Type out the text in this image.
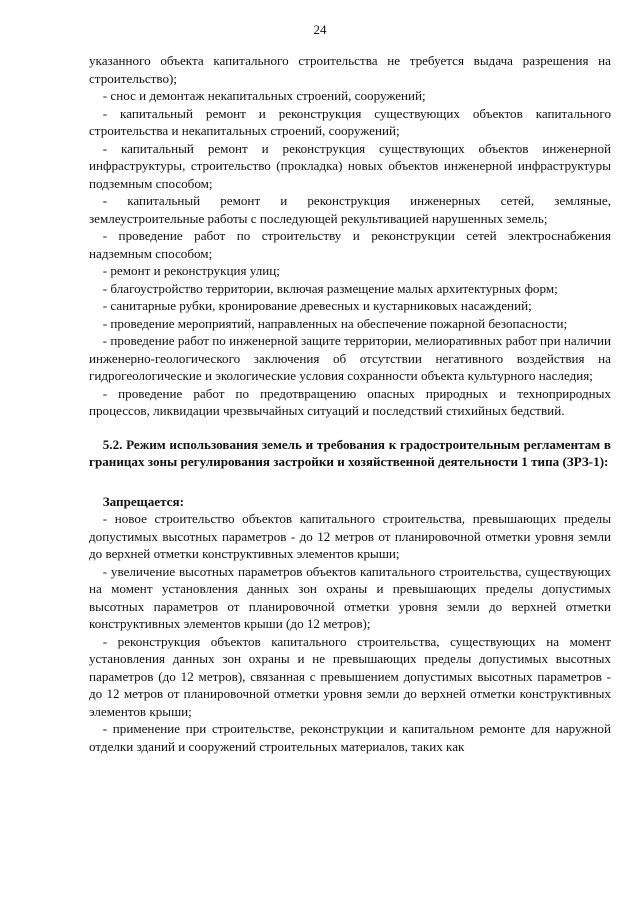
24

указанного объекта капитального строительства не требуется выдача разрешения на строительство);

- снос и демонтаж некапитальных строений, сооружений;

- капитальный ремонт и реконструкция существующих объектов капитального строительства и некапитальных строений, сооружений;

- капитальный ремонт и реконструкция существующих объектов инженерной инфраструктуры, строительство (прокладка) новых объектов инженерной инфраструктуры подземным способом;

- капитальный ремонт и реконструкция инженерных сетей, земляные, землеустроительные работы с последующей рекультивацией нарушенных земель;

- проведение работ по строительству и реконструкции сетей электроснабжения надземным способом;

- ремонт и реконструкция улиц;

- благоустройство территории, включая размещение малых архитектурных форм;

- санитарные рубки, кронирование древесных и кустарниковых насаждений;

- проведение мероприятий, направленных на обеспечение пожарной безопасности;

- проведение работ по инженерной защите территории, мелиоративных работ при наличии инженерно-геологического заключения об отсутствии негативного воздействия на гидрогеологические и экологические условия сохранности объекта культурного наследия;

- проведение работ по предотвращению опасных природных и техноприродных процессов, ликвидации чрезвычайных ситуаций и последствий стихийных бедствий.

5.2. Режим использования земель и требования к градостроительным регламентам в границах зоны регулирования застройки и хозяйственной деятельности 1 типа (ЗРЗ-1):

Запрещается:

- новое строительство объектов капитального строительства, превышающих пределы допустимых высотных параметров - до 12 метров от планировочной отметки уровня земли до верхней отметки конструктивных элементов крыши;

- увеличение высотных параметров объектов капитального строительства, существующих на момент установления данных зон охраны и превышающих пределы допустимых высотных параметров от планировочной отметки уровня земли до верхней отметки конструктивных элементов крыши (до 12 метров);

- реконструкция объектов капитального строительства, существующих на момент установления данных зон охраны и не превышающих пределы допустимых высотных параметров (до 12 метров), связанная с превышением допустимых высотных параметров - до 12 метров от планировочной отметки уровня земли до верхней отметки конструктивных элементов крыши;

- применение при строительстве, реконструкции и капитальном ремонте для наружной отделки зданий и сооружений строительных материалов, таких как
